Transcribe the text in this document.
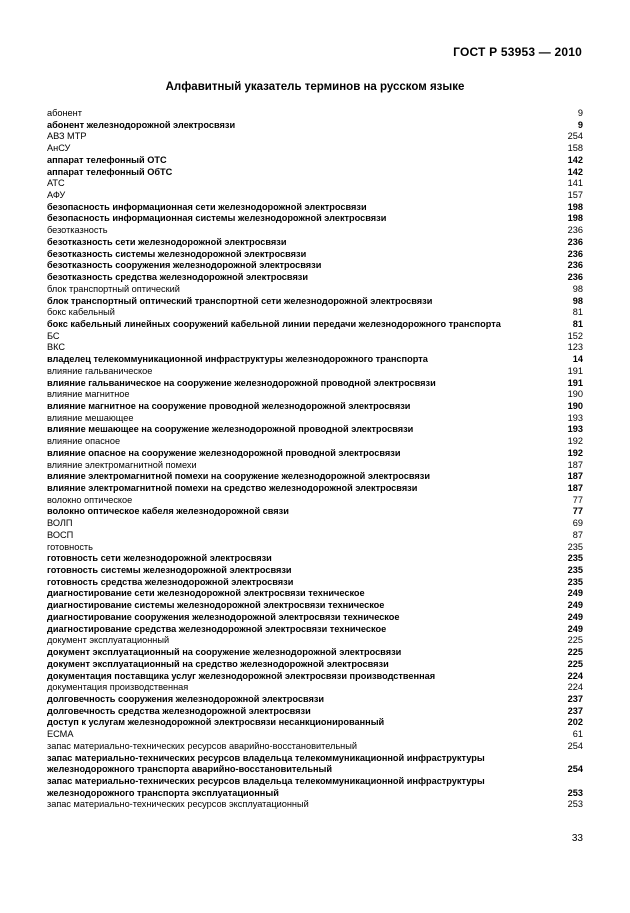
ГОСТ Р 53953 — 2010
Алфавитный указатель терминов на русском языке
абонент	9
абонент железнодорожной электросвязи	9
АВЗ МТР	254
АнСУ	158
аппарат телефонный ОТС	142
аппарат телефонный ОбТС	142
АТС	141
АФУ	157
безопасность информационная сети железнодорожной электросвязи	198
безопасность информационная системы железнодорожной электросвязи	198
безотказность	236
безотказность сети железнодорожной электросвязи	236
безотказность системы железнодорожной электросвязи	236
безотказность сооружения железнодорожной электросвязи	236
безотказность средства железнодорожной электросвязи	236
блок транспортный оптический	98
блок транспортный оптический транспортной сети железнодорожной электросвязи	98
бокс кабельный	81
бокс кабельный линейных сооружений кабельной линии передачи железнодорожного транспорта	81
БС	152
ВКС	123
владелец телекоммуникационной инфраструктуры железнодорожного транспорта	14
влияние гальваническое	191
влияние гальваническое на сооружение железнодорожной проводной электросвязи	191
влияние магнитное	190
влияние магнитное на сооружение проводной железнодорожной электросвязи	190
влияние мешающее	193
влияние мешающее на сооружение железнодорожной проводной электросвязи	193
влияние опасное	192
влияние опасное на сооружение железнодорожной проводной электросвязи	192
влияние электромагнитной помехи	187
влияние электромагнитной помехи на сооружение железнодорожной электросвязи	187
влияние электромагнитной помехи на средство железнодорожной электросвязи	187
волокно оптическое	77
волокно оптическое кабеля железнодорожной связи	77
ВОЛП	69
ВОСП	87
готовность	235
готовность сети железнодорожной электросвязи	235
готовность системы железнодорожной электросвязи	235
готовность средства железнодорожной электросвязи	235
диагностирование сети железнодорожной электросвязи техническое	249
диагностирование системы железнодорожной электросвязи техническое	249
диагностирование сооружения железнодорожной электросвязи техническое	249
диагностирование средства железнодорожной электросвязи техническое	249
документ эксплуатационный	225
документ эксплуатационный на сооружение железнодорожной электросвязи	225
документ эксплуатационный на средство железнодорожной электросвязи	225
документация поставщика услуг железнодорожной электросвязи производственная	224
документация производственная	224
долговечность сооружения железнодорожной электросвязи	237
долговечность средства железнодорожной электросвязи	237
доступ к услугам железнодорожной электросвязи несанкционированный	202
ЕСМА	61
запас материально-технических ресурсов аварийно-восстановительный	254
запас материально-технических ресурсов владельца телекоммуникационной инфраструктуры железнодорожного транспорта аварийно-восстановительный	254
запас материально-технических ресурсов владельца телекоммуникационной инфраструктуры железнодорожного транспорта эксплуатационный	253
запас материально-технических ресурсов эксплуатационный	253
33
